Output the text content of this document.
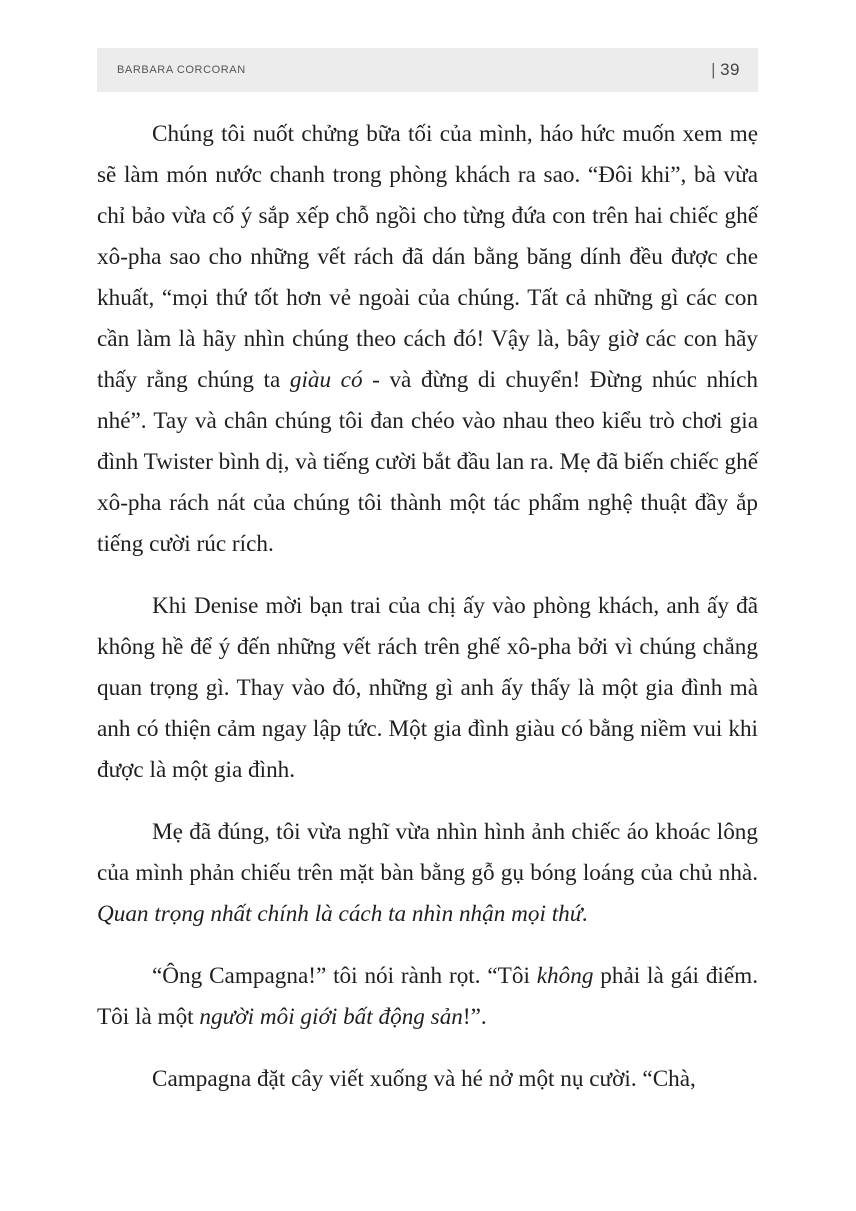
BARBARA CORCORAN	| 39

Chúng tôi nuốt chửng bữa tối của mình, háo hức muốn xem mẹ sẽ làm món nước chanh trong phòng khách ra sao. “Đôi khi”, bà vừa chỉ bảo vừa cố ý sắp xếp chỗ ngồi cho từng đứa con trên hai chiếc ghế xô-pha sao cho những vết rách đã dán bằng băng dính đều được che khuất, “mọi thứ tốt hơn vẻ ngoài của chúng. Tất cả những gì các con cần làm là hãy nhìn chúng theo cách đó! Vậy là, bây giờ các con hãy thấy rằng chúng ta giàu có - và đừng di chuyển! Đừng nhúc nhích nhé”. Tay và chân chúng tôi đan chéo vào nhau theo kiểu trò chơi gia đình Twister bình dị, và tiếng cười bắt đầu lan ra. Mẹ đã biến chiếc ghế xô-pha rách nát của chúng tôi thành một tác phẩm nghệ thuật đầy ắp tiếng cười rúc rích.

Khi Denise mời bạn trai của chị ấy vào phòng khách, anh ấy đã không hề để ý đến những vết rách trên ghế xô-pha bởi vì chúng chẳng quan trọng gì. Thay vào đó, những gì anh ấy thấy là một gia đình mà anh có thiện cảm ngay lập tức. Một gia đình giàu có bằng niềm vui khi được là một gia đình.

Mẹ đã đúng, tôi vừa nghĩ vừa nhìn hình ảnh chiếc áo khoác lông của mình phản chiếu trên mặt bàn bằng gỗ gụ bóng loáng của chủ nhà. Quan trọng nhất chính là cách ta nhìn nhận mọi thứ.

“Ông Campagna!” tôi nói rành rọt. “Tôi không phải là gái điếm. Tôi là một người môi giới bất động sản!”.

Campagna đặt cây viết xuống và hé nở một nụ cười. “Chà,
